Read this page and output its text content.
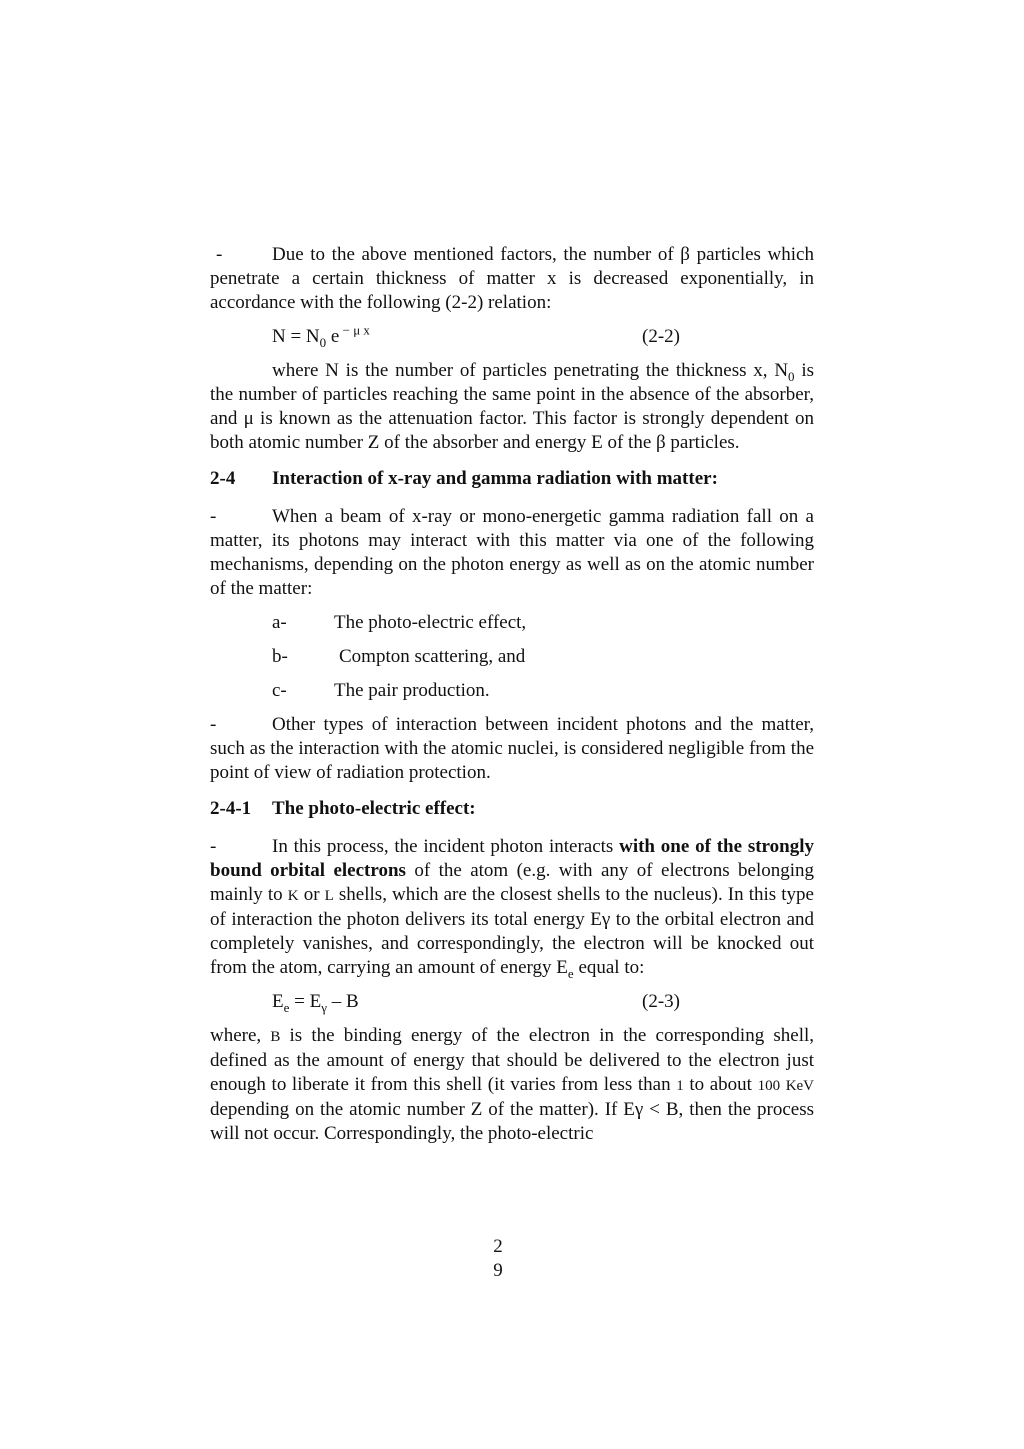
-	Due to the above mentioned factors, the number of β particles which penetrate a certain thickness of matter x is decreased exponentially, in accordance with the following (2-2) relation:

$N = N_0$ e $^{- \mu x}$	(2-2)

where N is the number of particles penetrating the thickness x, $N_0$ is the number of particles reaching the same point in the absence of the absorber, and μ is known as the attenuation factor. This factor is strongly dependent on both atomic number Z of the absorber and energy E of the β particles.

2-4 Interaction of x-ray and gamma radiation with matter:

-	When a beam of x-ray or mono-energetic gamma radiation fall on a matter, its photons may interact with this matter via one of the following mechanisms, depending on the photon energy as well as on the atomic number of the matter:

a- The photo-electric effect,
b-	Compton scattering, and
c- The pair production.

-	Other types of interaction between incident photons and the matter, such as the interaction with the atomic nuclei, is considered negligible from the point of view of radiation protection.

2-4-1 The photo-electric effect:

-	In this process, the incident photon interacts with one of the strongly bound orbital electrons of the atom (e.g. with any of electrons belonging mainly to K or L shells, which are the closest shells to the nucleus). In this type of interaction the photon delivers its total energy Eγ to the orbital electron and completely vanishes, and correspondingly, the electron will be knocked out from the atom, carrying an amount of energy $E_e$ equal to:

$E_e = E_\gamma - B$	(2-3)

where, B is the binding energy of the electron in the corresponding shell, defined as the amount of energy that should be delivered to the electron just enough to liberate it from this shell (it varies from less than 1 to about 100 KeV depending on the atomic number Z of the matter). If Eγ < B, then the process will not occur. Correspondingly, the photo-electric

2
9
